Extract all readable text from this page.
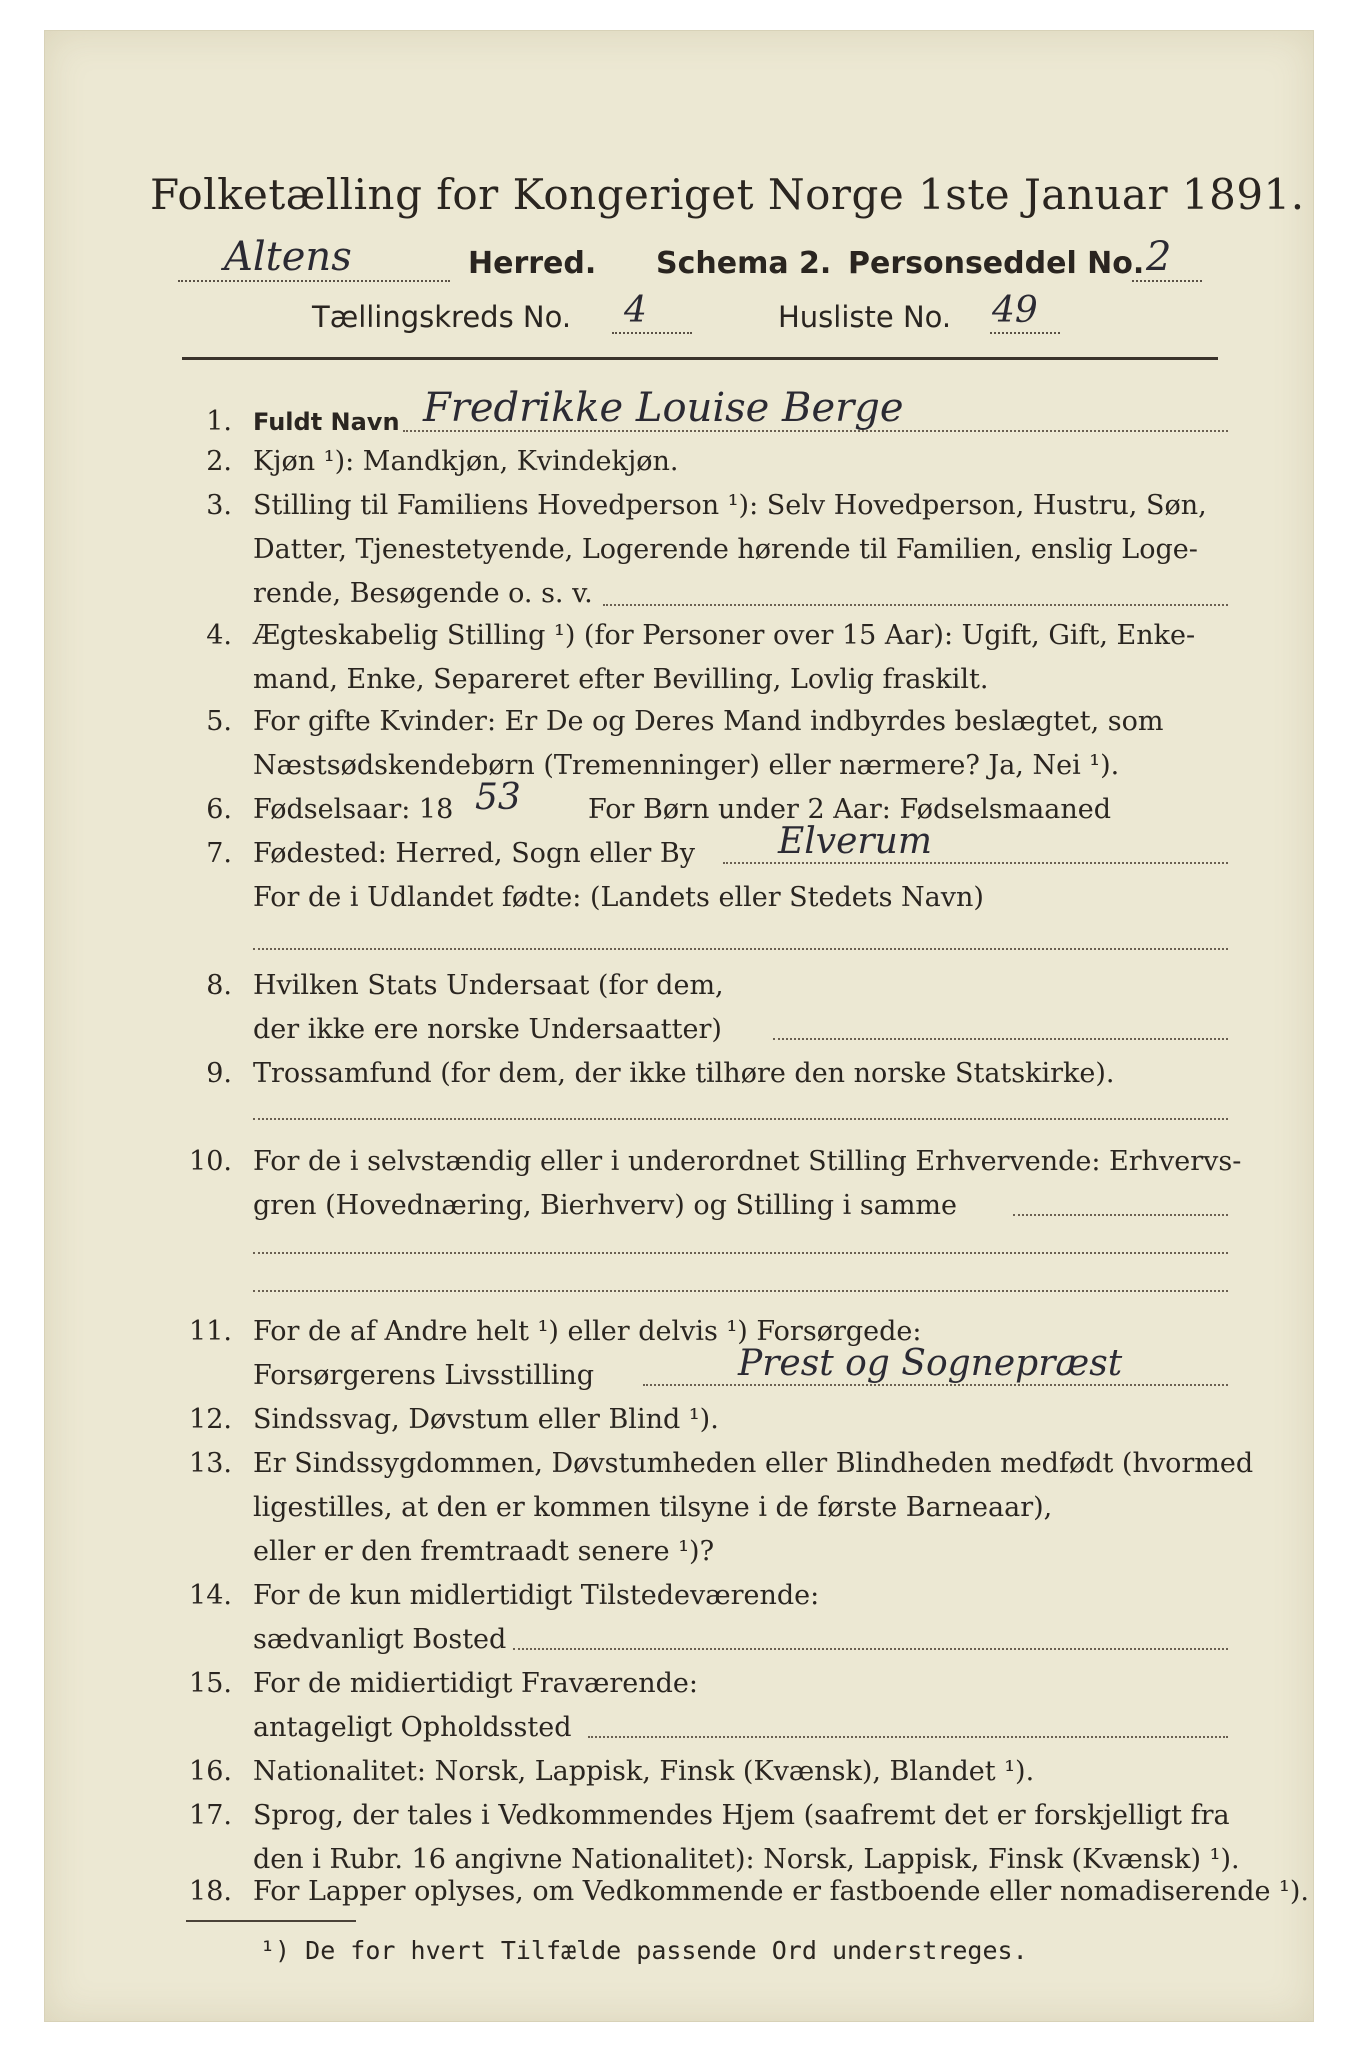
Folketælling for Kongeriget Norge 1ste Januar 1891.
Altens	Herred. Schema 2. Personseddel No. 2
Tællingskreds No. 4	Husliste No. 49
1. Fuldt Navn Fredrikke Louise Berge
2. Kjøn ¹): Mandkjøn, Kvindekjøn.
3. Stilling til Familiens Hovedperson ¹): Selv Hovedperson, Hustru, Søn,
Datter, Tjenestetyende, Logerende hørende til Familien, enslig Loge-
rende, Besøgende o. s. v.
4. Ægteskabelig Stilling ¹) (for Personer over 15 Aar): Ugift, Gift, Enke-
mand, Enke, Separeret efter Bevilling, Lovlig fraskilt.
5. For gifte Kvinder: Er De og Deres Mand indbyrdes beslægtet, som
Næstsødskendebørn (Tremenninger) eller nærmere? Ja, Nei ¹).
6. Fødselsaar: 18 53 For Børn under 2 Aar: Fødselsmaaned
7. Fødested: Herred, Sogn eller By	Elverum
For de i Udlandet fødte: (Landets eller Stedets Navn)
8. Hvilken Stats Undersaat (for dem,
der ikke ere norske Undersaatter)
9. Trossamfund (for dem, der ikke tilhøre den norske Statskirke).
10. For de i selvstændig eller i underordnet Stilling Erhvervende: Erhvervs-
gren (Hovednæring, Bierhverv) og Stilling i samme
11. For de af Andre helt ¹) eller delvis ¹) Forsørgede:
Forsørgerens Livsstilling	Prest og Sognepræst
12. Sindssvag, Døvstum eller Blind ¹).
13. Er Sindssygdommen, Døvstumheden eller Blindheden medfødt (hvormed
ligestilles, at den er kommen tilsyne i de første Barneaar),
eller er den fremtraadt senere ¹)?
14. For de kun midlertidigt Tilstedeværende:
sædvanligt Bosted
15. For de midiertidigt Fraværende:
antageligt Opholdssted
16. Nationalitet: Norsk, Lappisk, Finsk (Kvænsk), Blandet ¹).
17. Sprog, der tales i Vedkommendes Hjem (saafremt det er forskjelligt fra
den i Rubr. 16 angivne Nationalitet): Norsk, Lappisk, Finsk (Kvænsk) ¹).
18. For Lapper oplyses, om Vedkommende er fastboende eller nomadiserende ¹).
¹) De for hvert Tilfælde passende Ord understreges.
